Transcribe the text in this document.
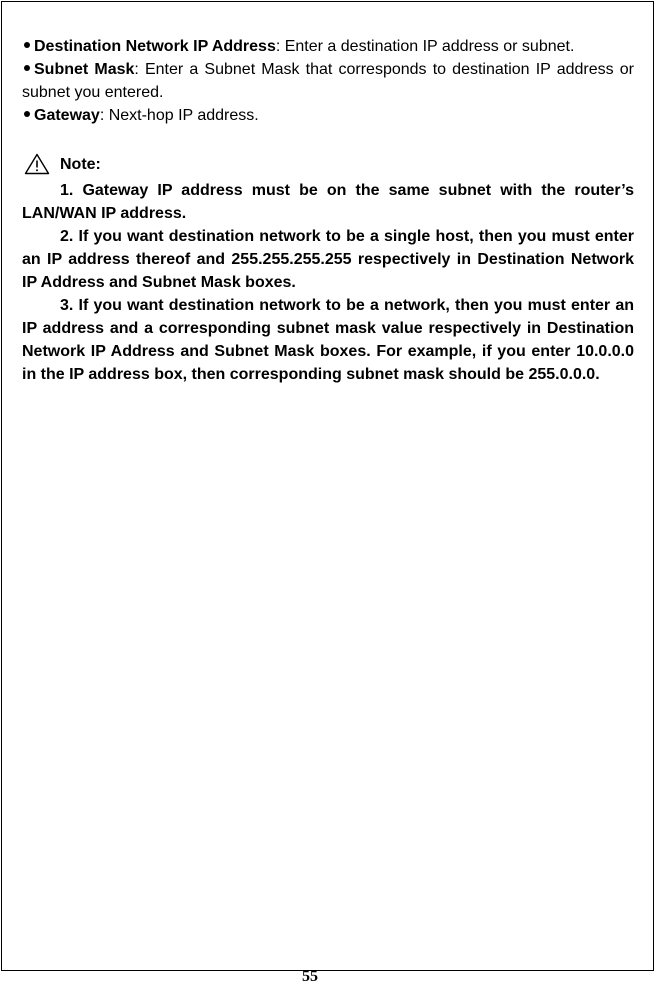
Destination Network IP Address: Enter a destination IP address or subnet.

Subnet Mask: Enter a Subnet Mask that corresponds to destination IP address or subnet you entered.

Gateway: Next-hop IP address.

Note:

1. Gateway IP address must be on the same subnet with the router’s LAN/WAN IP address.

2. If you want destination network to be a single host, then you must enter an IP address thereof and 255.255.255.255 respectively in Destination Network IP Address and Subnet Mask boxes.

3. If you want destination network to be a network, then you must enter an IP address and a corresponding subnet mask value respectively in Destination Network IP Address and Subnet Mask boxes. For example, if you enter 10.0.0.0 in the IP address box, then corresponding subnet mask should be 255.0.0.0.

55
